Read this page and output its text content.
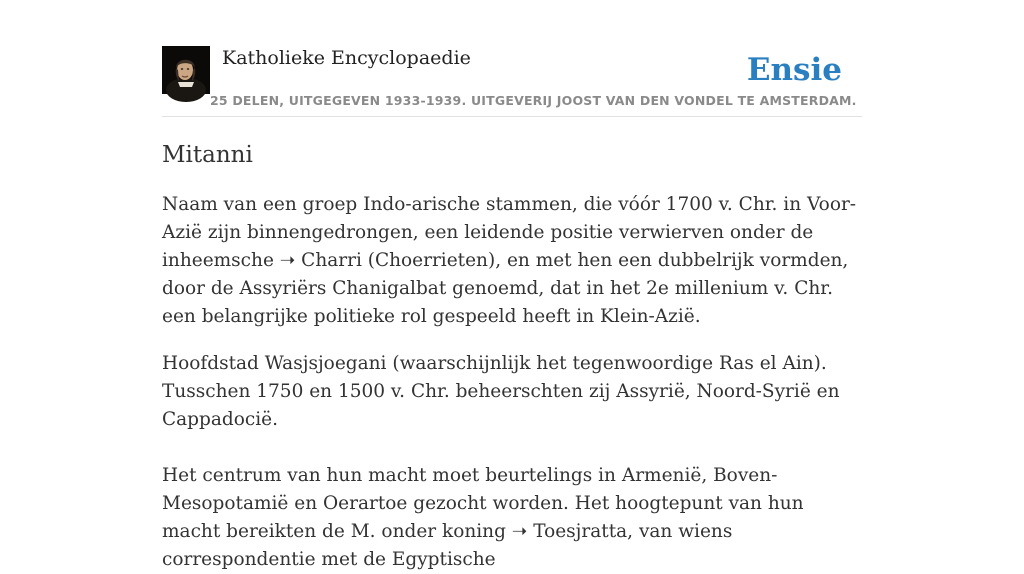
Katholieke Encyclopaedie	Ensie
25 DELEN, UITGEGEVEN 1933-1939. UITGEVERIJ JOOST VAN DEN VONDEL TE AMSTERDAM.
Mitanni

Naam van een groep Indo-arische stammen, die vóór 1700 v. Chr. in Voor-Azië zijn binnengedrongen, een leidende positie verwierven onder de inheemsche ➝ Charri (Choerrieten), en met hen een dubbelrijk vormden, door de Assyriërs Chanigalbat genoemd, dat in het 2e millenium v. Chr. een belangrijke politieke rol gespeeld heeft in Klein-Azië.

Hoofdstad Wasjsjoegani (waarschijnlijk het tegenwoordige Ras el Ain). Tusschen 1750 en 1500 v. Chr. beheerschten zij Assyrië, Noord-Syrië en Cappadocië.

Het centrum van hun macht moet beurtelings in Armenië, Boven-Mesopotamië en Oerartoe gezocht worden. Het hoogtepunt van hun macht bereikten de M. onder koning ➝ Toesjratta, van wiens correspondentie met de Egyptische
